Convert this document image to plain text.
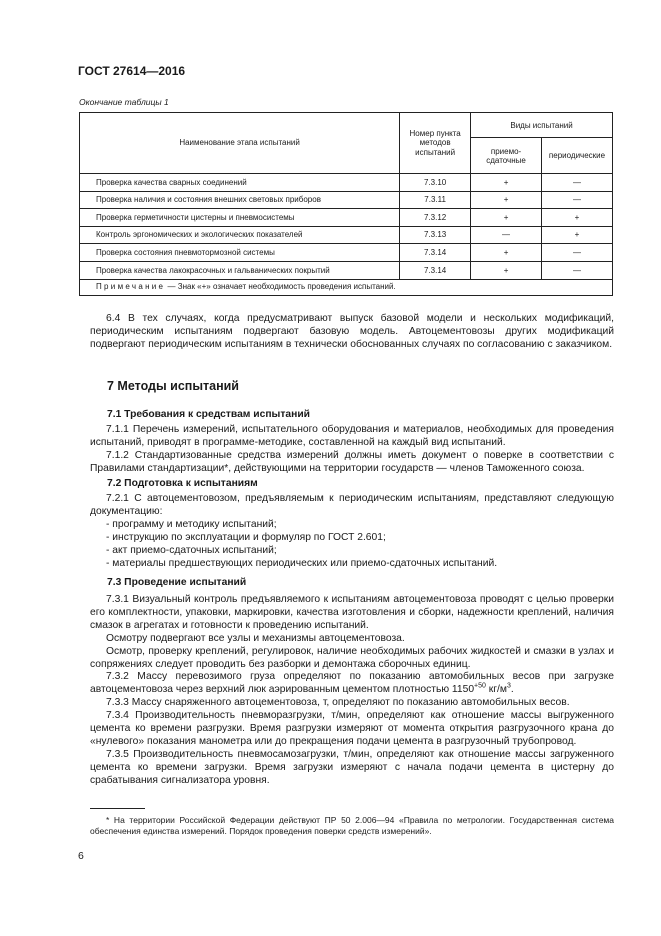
ГОСТ 27614—2016
Окончание таблицы 1
Наименование этапа испытаний	Номер пункта методов испытаний	Виды испытаний	
		приемо-сдаточные	периодические
Проверка качества сварных соединений	7.3.10	+	—
Проверка наличия и состояния внешних световых приборов	7.3.11	+	—
Проверка герметичности цистерны и пневмосистемы	7.3.12	+	+
Контроль эргономических и экологических показателей	7.3.13	—	+
Проверка состояния пневмотормозной системы	7.3.14	+	—
Проверка качества лакокрасочных и гальванических покрытий	7.3.14	+	—
Примечание — Знак «+» означает необходимость проведения испытаний.			

6.4 В тех случаях, когда предусматривают выпуск базовой модели и нескольких модификаций, периодическим испытаниям подвергают базовую модель. Автоцементовозы других модификаций подвергают периодическим испытаниям в технически обоснованных случаях по согласованию с заказчиком.

7 Методы испытаний
7.1 Требования к средствам испытаний

7.1.1 Перечень измерений, испытательного оборудования и материалов, необходимых для проведения испытаний, приводят в программе-методике, составленной на каждый вид испытаний.

7.1.2 Стандартизованные средства измерений должны иметь документ о поверке в соответствии с Правилами стандартизации*, действующими на территории государств — членов Таможенного союза.

7.2 Подготовка к испытаниям

7.2.1 С автоцементовозом, предъявляемым к периодическим испытаниям, представляют следующую документацию:

- программу и методику испытаний;

- инструкцию по эксплуатации и формуляр по ГОСТ 2.601;

- акт приемо-сдаточных испытаний;

- материалы предшествующих периодических или приемо-сдаточных испытаний.

7.3 Проведение испытаний

7.3.1 Визуальный контроль предъявляемого к испытаниям автоцементовоза проводят с целью проверки его комплектности, упаковки, маркировки, качества изготовления и сборки, надежности креплений, наличия смазок в агрегатах и готовности к проведению испытаний.

Осмотру подвергают все узлы и механизмы автоцементовоза.

Осмотр, проверку креплений, регулировок, наличие необходимых рабочих жидкостей и смазки в узлах и сопряжениях следует проводить без разборки и демонтажа сборочных единиц.

7.3.2 Массу перевозимого груза определяют по показанию автомобильных весов при загрузке автоцементовоза через верхний люк аэрированным цементом плотностью $1150^{+50}$ $кг/м^3$.

7.3.3 Массу снаряженного автоцементовоза, т, определяют по показанию автомобильных весов.

7.3.4 Производительность пневморазгрузки, т/мин, определяют как отношение массы выгруженного цемента ко времени разгрузки. Время разгрузки измеряют от момента открытия разгрузочного крана до «нулевого» показания манометра или до прекращения подачи цемента в разгрузочный трубопровод.

7.3.5 Производительность пневмосамозагрузки, т/мин, определяют как отношение массы загруженного цемента ко времени загрузки. Время загрузки измеряют с начала подачи цемента в цистерну до срабатывания сигнализатора уровня.

* На территории Российской Федерации действуют ПР 50 2.006—94 «Правила по метрологии. Государственная система обеспечения единства измерений. Порядок проведения поверки средств измерений».

6
